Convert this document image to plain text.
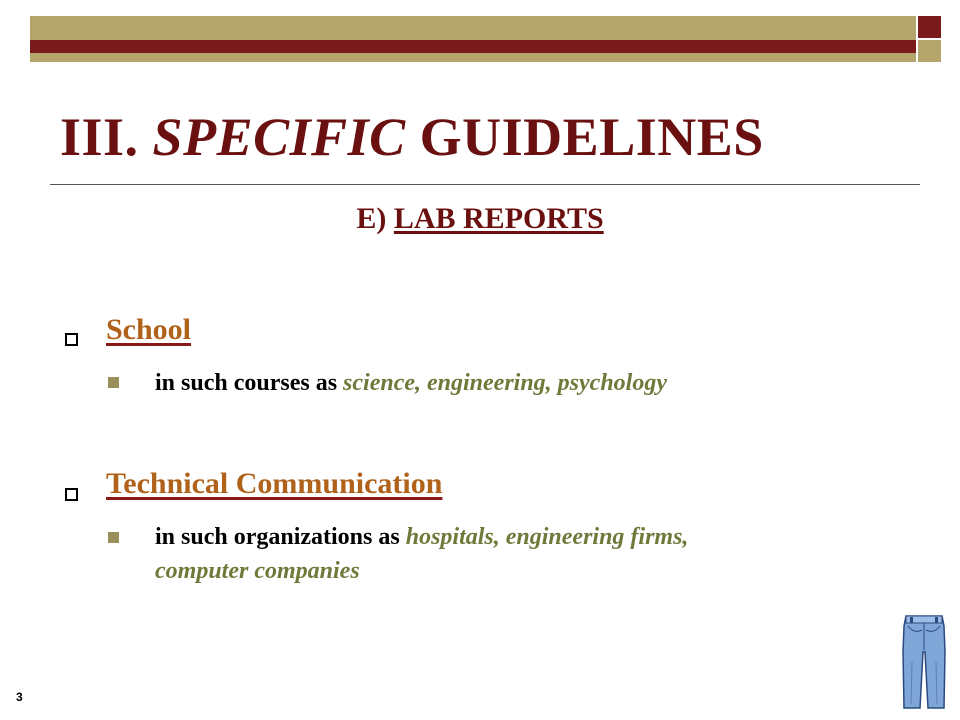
III. SPECIFIC GUIDELINES
E) LAB REPORTS
School
in such courses as science, engineering, psychology
Technical Communication
in such organizations as hospitals, engineering firms,
computer companies
3
